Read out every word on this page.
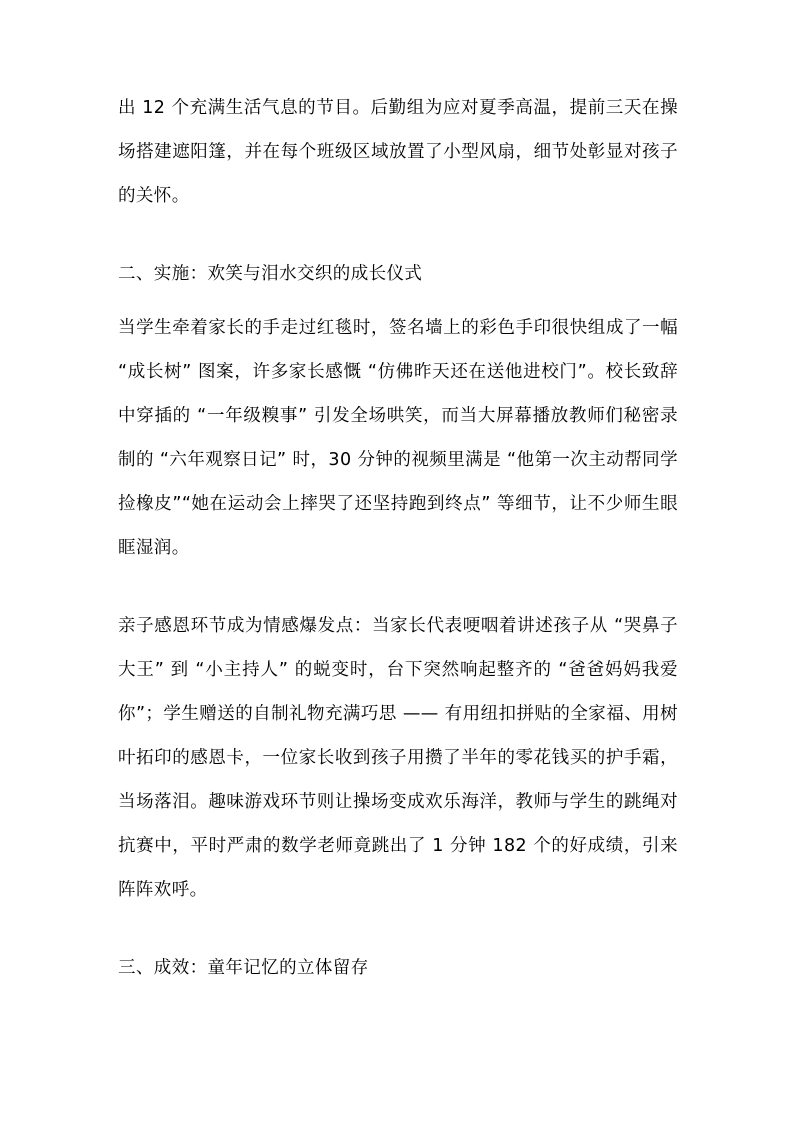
出 12 个充满生活气息的节目。后勤组为应对夏季高温，提前三天在操场搭建遮阳篷，并在每个班级区域放置了小型风扇，细节处彰显对孩子的关怀。

二、实施：欢笑与泪水交织的成长仪式

当学生牵着家长的手走过红毯时，签名墙上的彩色手印很快组成了一幅 “成长树” 图案，许多家长感慨 “仿佛昨天还在送他进校门”。校长致辞中穿插的 “一年级糗事” 引发全场哄笑，而当大屏幕播放教师们秘密录制的 “六年观察日记” 时，30 分钟的视频里满是 “他第一次主动帮同学捡橡皮”“她在运动会上摔哭了还坚持跑到终点” 等细节，让不少师生眼眶湿润。

亲子感恩环节成为情感爆发点：当家长代表哽咽着讲述孩子从 “哭鼻子大王” 到 “小主持人” 的蜕变时，台下突然响起整齐的 “爸爸妈妈我爱你”；学生赠送的自制礼物充满巧思 —— 有用纽扣拼贴的全家福、用树叶拓印的感恩卡，一位家长收到孩子用攒了半年的零花钱买的护手霜，当场落泪。趣味游戏环节则让操场变成欢乐海洋，教师与学生的跳绳对抗赛中，平时严肃的数学老师竟跳出了 1 分钟 182 个的好成绩，引来阵阵欢呼。

三、成效：童年记忆的立体留存
